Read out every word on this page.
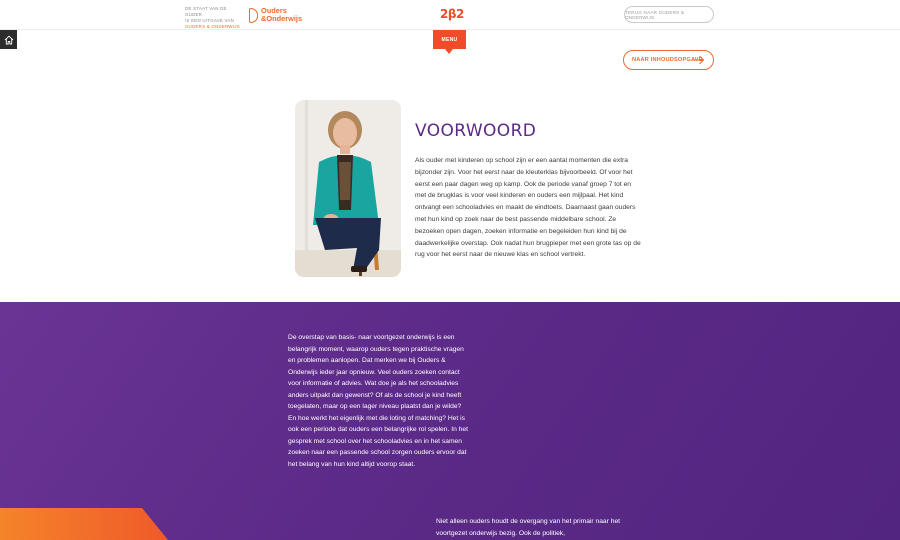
DE STAAT VAN DE OUDER
IS EEN UITGAVE VAN
OUDERS & ONDERWIJS
Ouders
&Onderwijs	2β2	TERUG NAAR OUDERS & ONDERWIJS
MENU
NAAR INHOUDSOPGAVE
VOORWOORD

Als ouder met kinderen op school zijn er een aantal momenten die extra bijzonder zijn. Voor het eerst naar de kleuterklas bijvoorbeeld. Of voor het eerst een paar dagen weg op kamp. Ook de periode vanaf groep 7 tot en met de brugklas is voor veel kinderen en ouders een mijlpaal. Het kind ontvangt een schooladvies en maakt de eindtoets. Daarnaast gaan ouders met hun kind op zoek naar de best passende middelbare school. Ze bezoeken open dagen, zoeken informatie en begeleiden hun kind bij de daadwerkelijke overstap. Ook nadat hun brugpieper met een grote tas op de rug voor het eerst naar de nieuwe klas en school vertrekt.

De overstap van basis- naar voortgezet onderwijs is een belangrijk moment, waarop ouders tegen praktische vragen en problemen aanlopen. Dat merken we bij Ouders & Onderwijs ieder jaar opnieuw. Veel ouders zoeken contact voor informatie of advies. Wat doe je als het schooladvies anders uitpakt dan gewenst? Of als de school je kind heeft toegelaten, maar op een lager niveau plaatst dan je wilde? En hoe werkt het eigenlijk met die loting of matching? Het is ook een periode dat ouders een belangrijke rol spelen. In het gesprek met school over het schooladvies en in het samen zoeken naar een passende school zorgen ouders ervoor dat het belang van hun kind altijd voorop staat.

Niet alleen ouders houdt de overgang van het primair naar het voortgezet onderwijs bezig. Ook de politiek,
